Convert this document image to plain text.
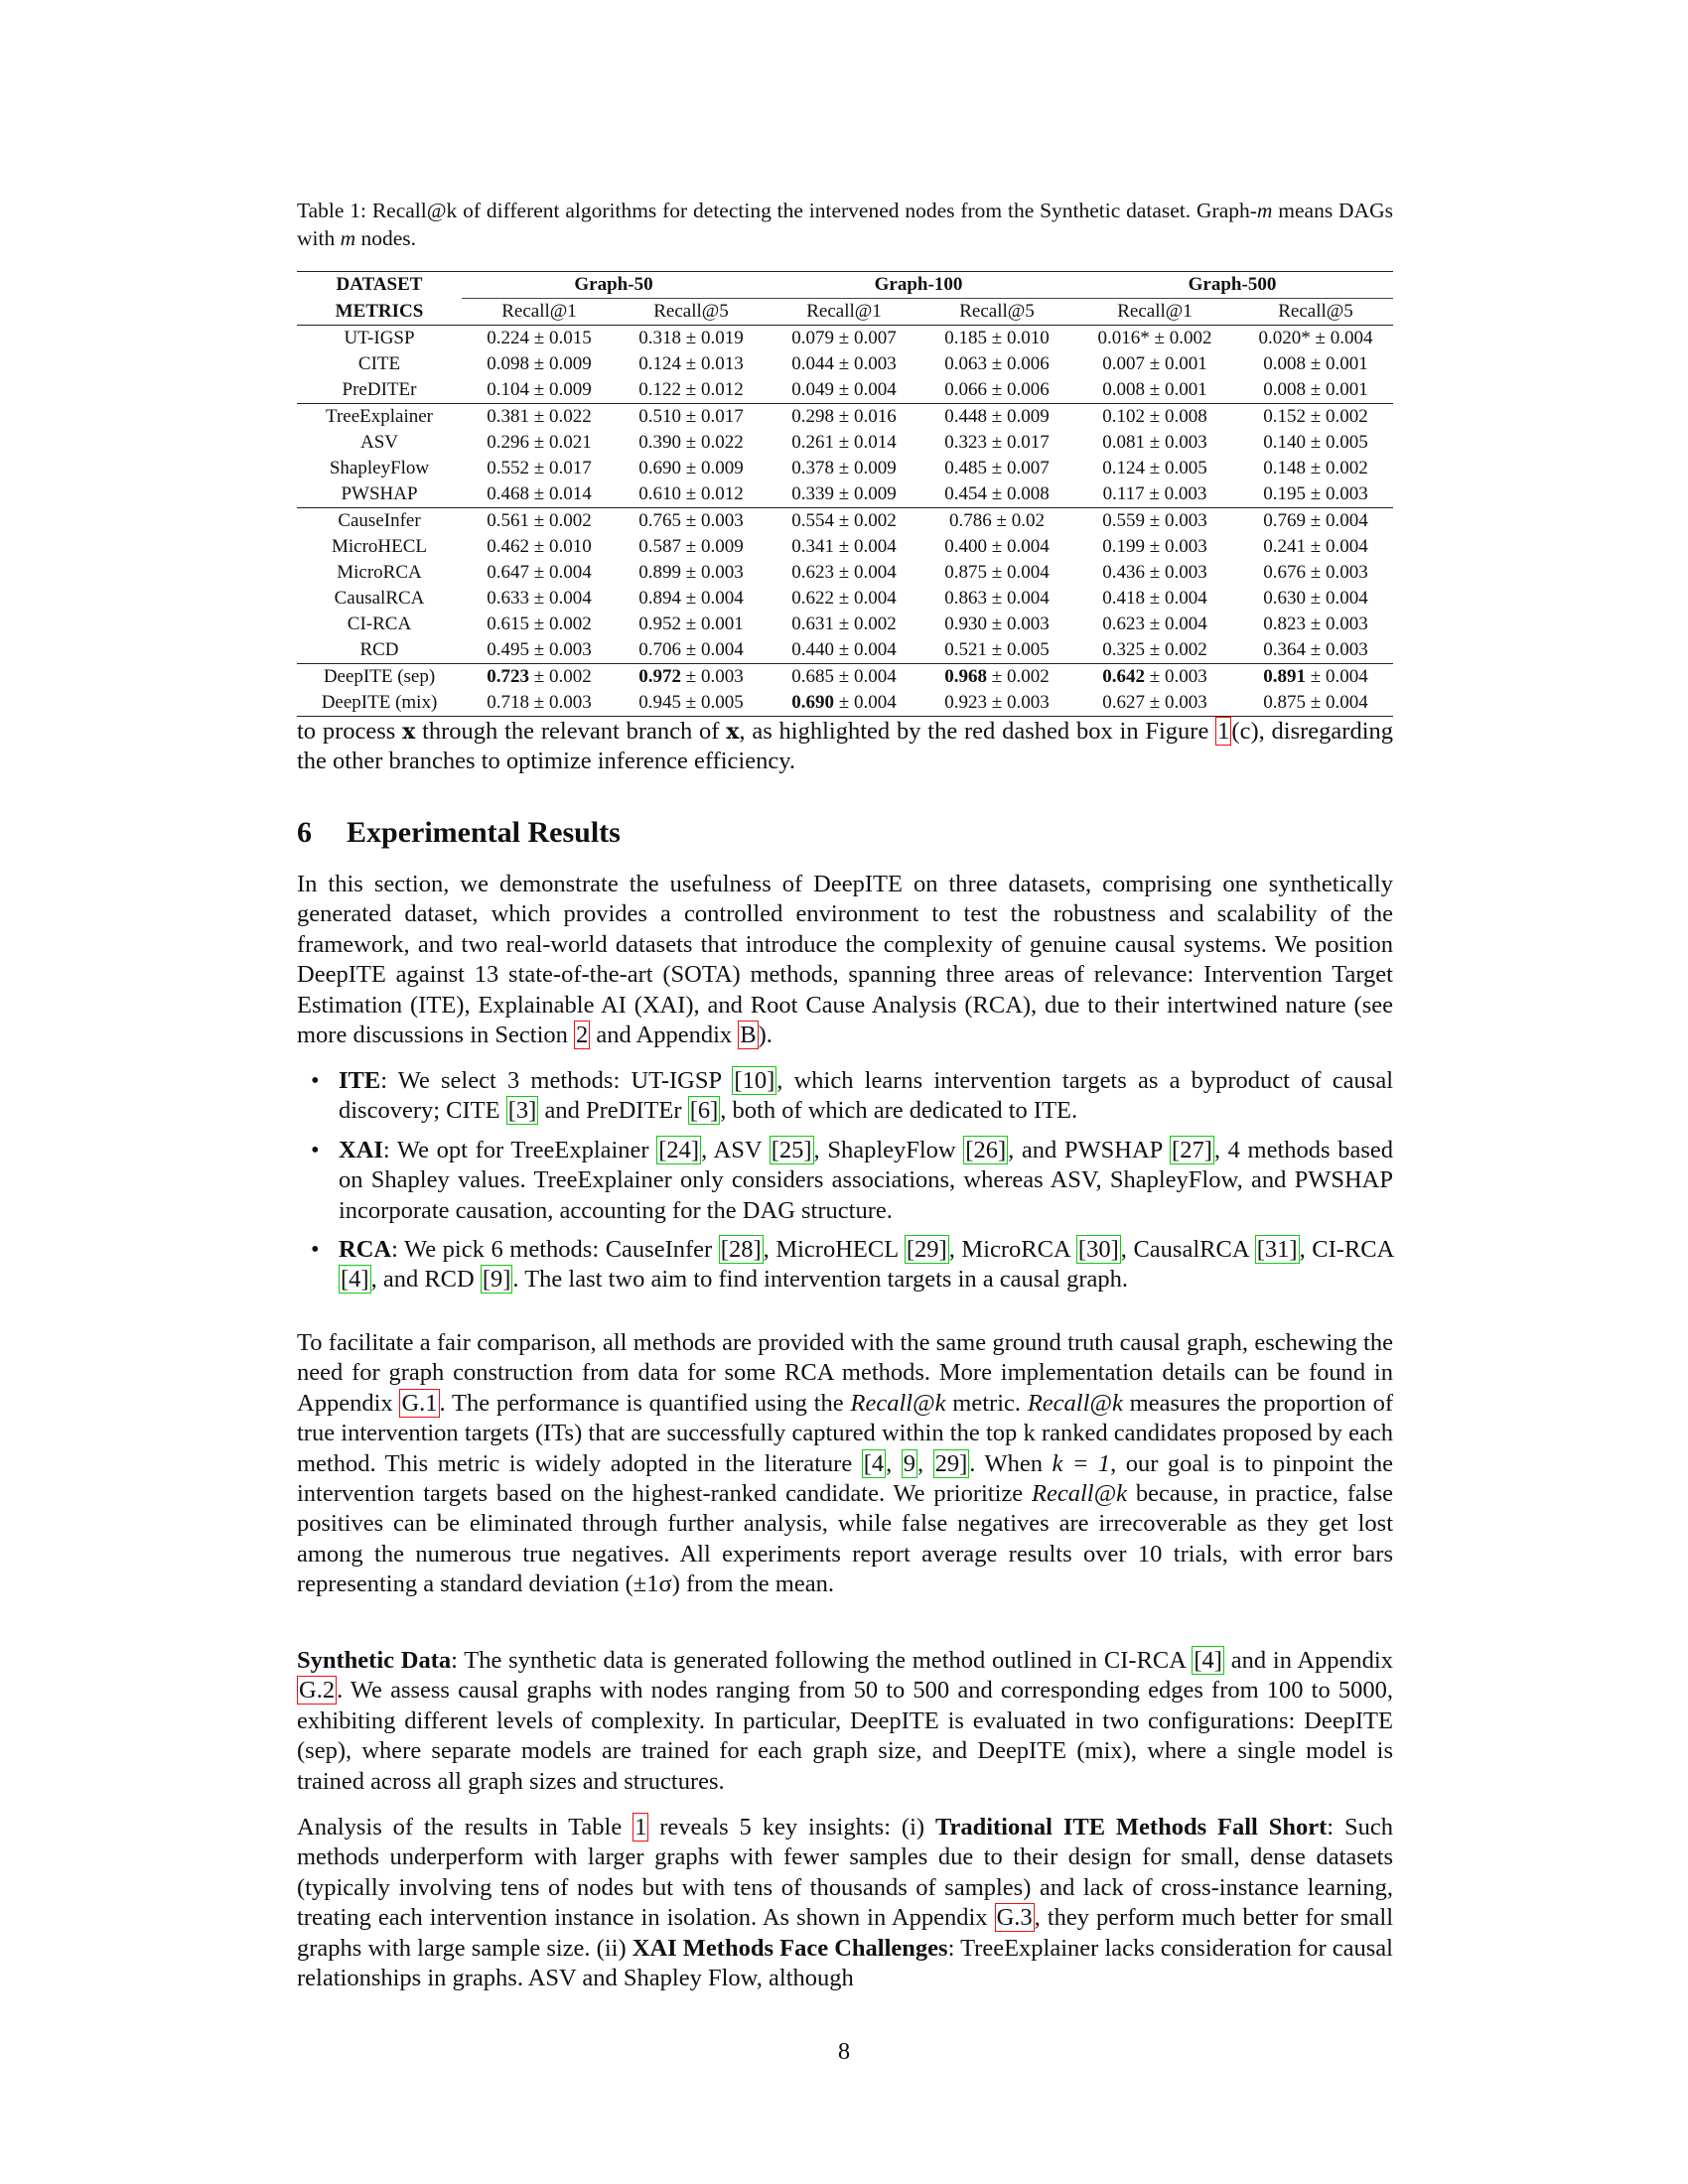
Table 1: Recall@k of different algorithms for detecting the intervened nodes from the Synthetic dataset. Graph-m means DAGs with m nodes.
DATASET	Graph-50		Graph-100		Graph-500	
METRICS	Recall@1	Recall@5	Recall@1	Recall@5	Recall@1	Recall@5
UT-IGSP	0.224 ± 0.015	0.318 ± 0.019	0.079 ± 0.007	0.185 ± 0.010	0.016* ± 0.002	0.020* ± 0.004
CITE	0.098 ± 0.009	0.124 ± 0.013	0.044 ± 0.003	0.063 ± 0.006	0.007 ± 0.001	0.008 ± 0.001
PreDITEr	0.104 ± 0.009	0.122 ± 0.012	0.049 ± 0.004	0.066 ± 0.006	0.008 ± 0.001	0.008 ± 0.001
TreeExplainer	0.381 ± 0.022	0.510 ± 0.017	0.298 ± 0.016	0.448 ± 0.009	0.102 ± 0.008	0.152 ± 0.002
ASV	0.296 ± 0.021	0.390 ± 0.022	0.261 ± 0.014	0.323 ± 0.017	0.081 ± 0.003	0.140 ± 0.005
ShapleyFlow	0.552 ± 0.017	0.690 ± 0.009	0.378 ± 0.009	0.485 ± 0.007	0.124 ± 0.005	0.148 ± 0.002
PWSHAP	0.468 ± 0.014	0.610 ± 0.012	0.339 ± 0.009	0.454 ± 0.008	0.117 ± 0.003	0.195 ± 0.003
CauseInfer	0.561 ± 0.002	0.765 ± 0.003	0.554 ± 0.002	0.786 ± 0.02	0.559 ± 0.003	0.769 ± 0.004
MicroHECL	0.462 ± 0.010	0.587 ± 0.009	0.341 ± 0.004	0.400 ± 0.004	0.199 ± 0.003	0.241 ± 0.004
MicroRCA	0.647 ± 0.004	0.899 ± 0.003	0.623 ± 0.004	0.875 ± 0.004	0.436 ± 0.003	0.676 ± 0.003
CausalRCA	0.633 ± 0.004	0.894 ± 0.004	0.622 ± 0.004	0.863 ± 0.004	0.418 ± 0.004	0.630 ± 0.004
CI-RCA	0.615 ± 0.002	0.952 ± 0.001	0.631 ± 0.002	0.930 ± 0.003	0.623 ± 0.004	0.823 ± 0.003
RCD	0.495 ± 0.003	0.706 ± 0.004	0.440 ± 0.004	0.521 ± 0.005	0.325 ± 0.002	0.364 ± 0.003
DeepITE (sep)	0.723 ± 0.002	0.972 ± 0.003	0.685 ± 0.004	0.968 ± 0.002	0.642 ± 0.003	0.891 ± 0.004
DeepITE (mix)	0.718 ± 0.003	0.945 ± 0.005	0.690 ± 0.004	0.923 ± 0.003	0.627 ± 0.003	0.875 ± 0.004
to process x through the relevant branch of x, as highlighted by the red dashed box in Figure 1(c), disregarding the other branches to optimize inference efficiency.
6 Experimental Results
In this section, we demonstrate the usefulness of DeepITE on three datasets, comprising one synthetically generated dataset, which provides a controlled environment to test the robustness and scalability of the framework, and two real-world datasets that introduce the complexity of genuine causal systems. We position DeepITE against 13 state-of-the-art (SOTA) methods, spanning three areas of relevance: Intervention Target Estimation (ITE), Explainable AI (XAI), and Root Cause Analysis (RCA), due to their intertwined nature (see more discussions in Section 2 and Appendix B).
• ITE: We select 3 methods: UT-IGSP [10], which learns intervention targets as a byproduct of causal discovery; CITE [3] and PreDITEr [6], both of which are dedicated to ITE.
• XAI: We opt for TreeExplainer [24], ASV [25], ShapleyFlow [26], and PWSHAP [27], 4 methods based on Shapley values. TreeExplainer only considers associations, whereas ASV, ShapleyFlow, and PWSHAP incorporate causation, accounting for the DAG structure.
• RCA: We pick 6 methods: CauseInfer [28], MicroHECL [29], MicroRCA [30], CausalRCA [31], CI-RCA [4], and RCD [9]. The last two aim to find intervention targets in a causal graph.
To facilitate a fair comparison, all methods are provided with the same ground truth causal graph, eschewing the need for graph construction from data for some RCA methods. More implementation details can be found in Appendix G.1. The performance is quantified using the Recall@k metric. Recall@k measures the proportion of true intervention targets (ITs) that are successfully captured within the top k ranked candidates proposed by each method. This metric is widely adopted in the literature [4, 9, 29]. When k = 1, our goal is to pinpoint the intervention targets based on the highest-ranked candidate. We prioritize Recall@k because, in practice, false positives can be eliminated through further analysis, while false negatives are irrecoverable as they get lost among the numerous true negatives. All experiments report average results over 10 trials, with error bars representing a standard deviation (±1σ) from the mean.
Synthetic Data: The synthetic data is generated following the method outlined in CI-RCA [4] and in Appendix G.2. We assess causal graphs with nodes ranging from 50 to 500 and corresponding edges from 100 to 5000, exhibiting different levels of complexity. In particular, DeepITE is evaluated in two configurations: DeepITE (sep), where separate models are trained for each graph size, and DeepITE (mix), where a single model is trained across all graph sizes and structures.
Analysis of the results in Table 1 reveals 5 key insights: (i) Traditional ITE Methods Fall Short: Such methods underperform with larger graphs with fewer samples due to their design for small, dense datasets (typically involving tens of nodes but with tens of thousands of samples) and lack of cross-instance learning, treating each intervention instance in isolation. As shown in Appendix G.3, they perform much better for small graphs with large sample size. (ii) XAI Methods Face Challenges: TreeExplainer lacks consideration for causal relationships in graphs. ASV and Shapley Flow, although
8
